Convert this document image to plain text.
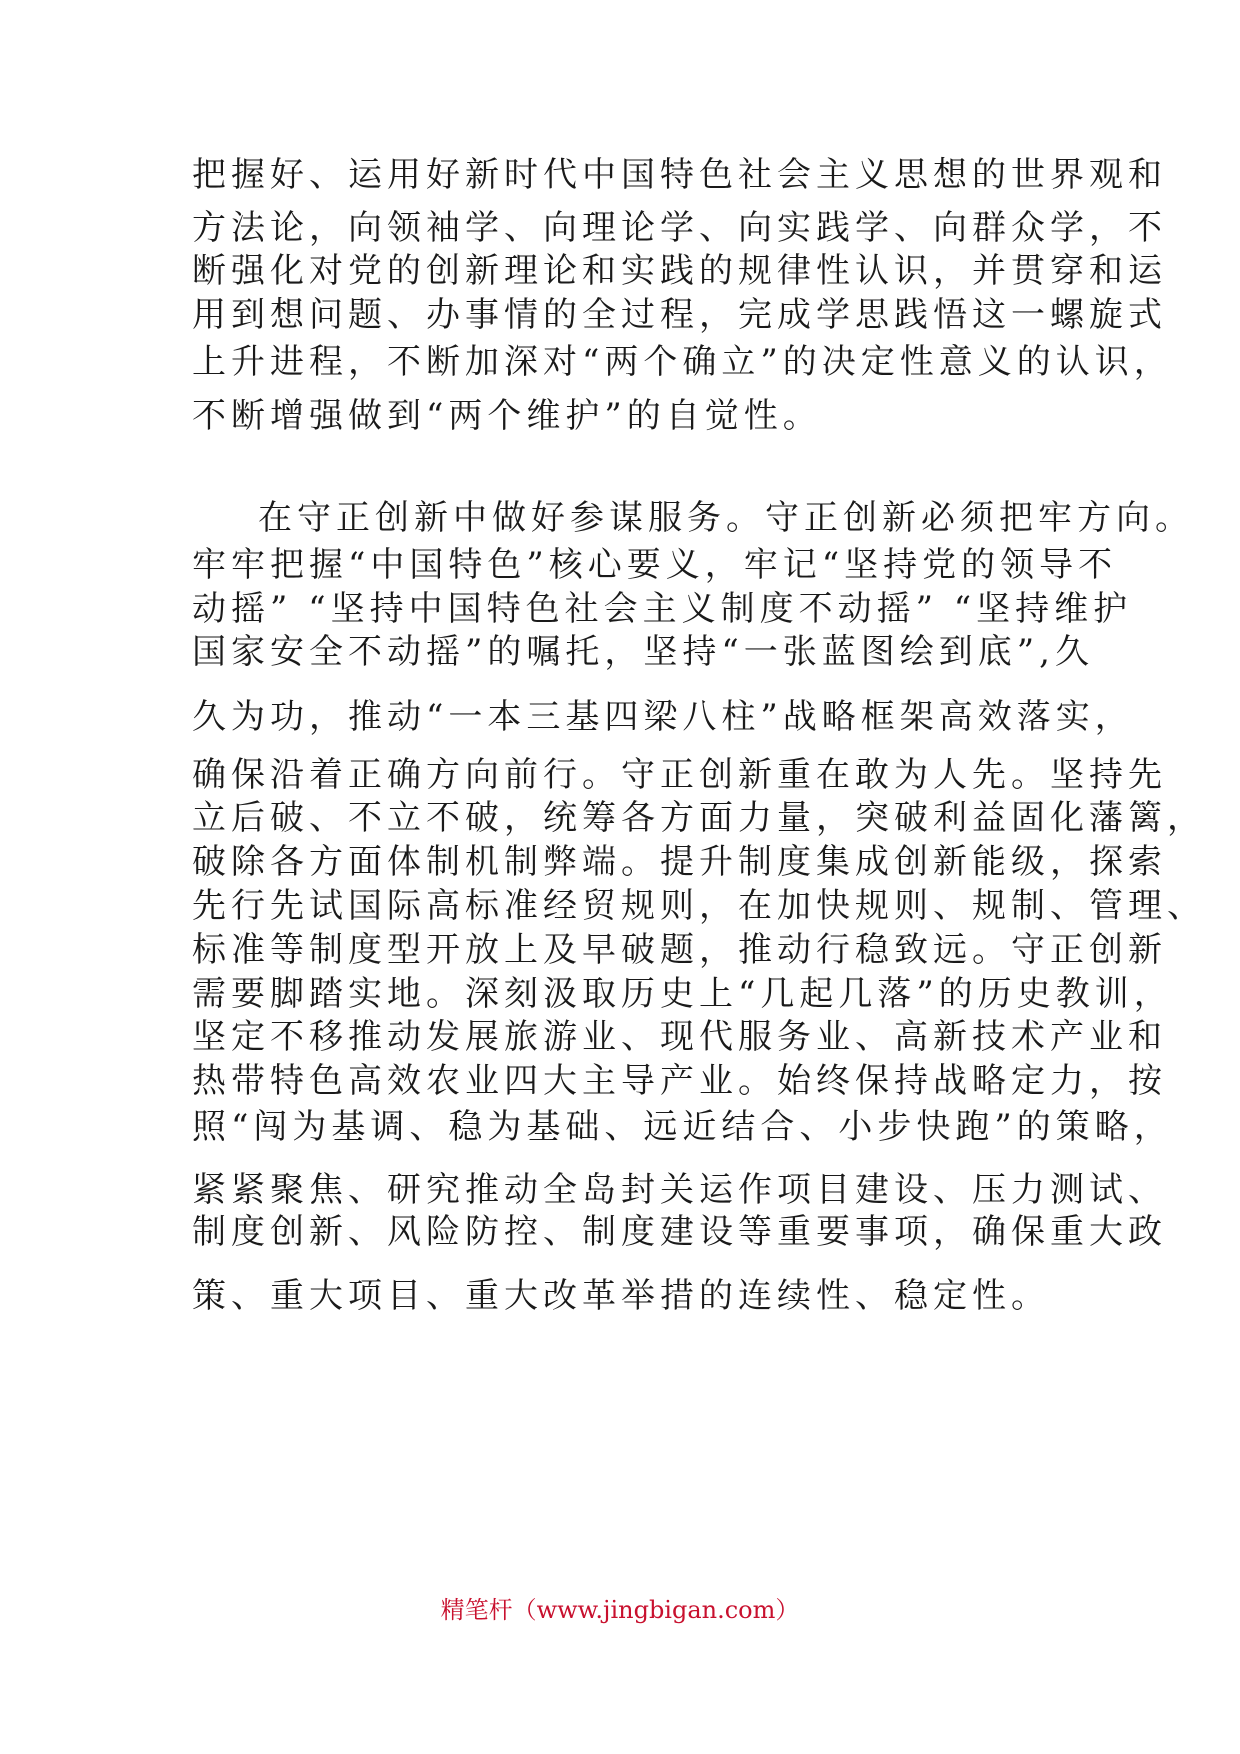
把握好、运用好新时代中国特色社会主义思想的世界观和
方法论，向领袖学、向理论学、向实践学、向群众学，不
断强化对党的创新理论和实践的规律性认识，并贯穿和运
用到想问题、办事情的全过程，完成学思践悟这一螺旋式
上升进程，不断加深对“两个确立”的决定性意义的认识，
不断增强做到“两个维护”的自觉性。
在守正创新中做好参谋服务。守正创新必须把牢方向。
牢牢把握“中国特色”核心要义，牢记“坚持党的领导不
动摇” “坚持中国特色社会主义制度不动摇” “坚持维护
国家安全不动摇”的嘱托，坚持“一张蓝图绘到底”,久
久为功，推动“一本三基四梁八柱”战略框架高效落实，
确保沿着正确方向前行。守正创新重在敢为人先。坚持先
立后破、不立不破，统筹各方面力量，突破利益固化藩篱，
破除各方面体制机制弊端。提升制度集成创新能级，探索
先行先试国际高标准经贸规则，在加快规则、规制、管理、
标准等制度型开放上及早破题，推动行稳致远。守正创新
需要脚踏实地。深刻汲取历史上“几起几落”的历史教训，
坚定不移推动发展旅游业、现代服务业、高新技术产业和
热带特色高效农业四大主导产业。始终保持战略定力，按
照“闯为基调、稳为基础、远近结合、小步快跑”的策略，
紧紧聚焦、研究推动全岛封关运作项目建设、压力测试、
制度创新、风险防控、制度建设等重要事项，确保重大政
策、重大项目、重大改革举措的连续性、稳定性。
精笔杆（www.jingbigan.com）
